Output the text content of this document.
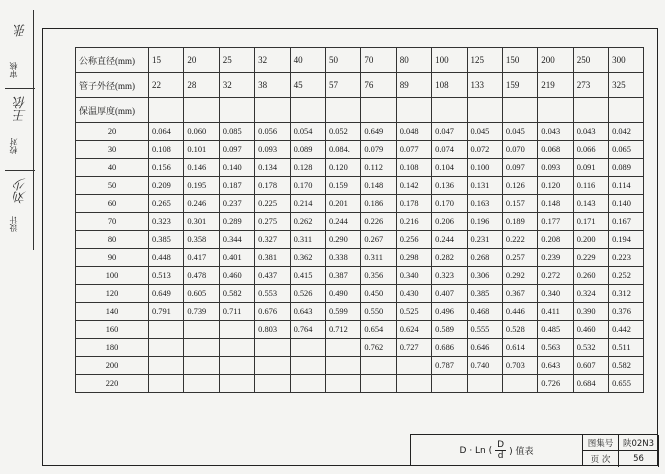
设计
刘少
校对
王依
审核
张
公称直径(mm)	15	20	25	32	40	50	70	80	100	125	150	200	250	300
管子外径(mm)	22	28	32	38	45	57	76	89	108	133	159	219	273	325
保温厚度(mm)														
20	0.064	0.060	0.085	0.056	0.054	0.052	0.649	0.048	0.047	0.045	0.045	0.043	0.043	0.042
30	0.108	0.101	0.097	0.093	0.089	0.084.	0.079	0.077	0.074	0.072	0.070	0.068	0.066	0.065
40	0.156	0.146	0.140	0.134	0.128	0.120	0.112	0.108	0.104	0.100	0.097	0.093	0.091	0.089
50	0.209	0.195	0.187	0.178	0.170	0.159	0.148	0.142	0.136	0.131	0.126	0.120	0.116	0.114
60	0.265	0.246	0.237	0.225	0.214	0.201	0.186	0.178	0.170	0.163	0.157	0.148	0.143	0.140
70	0.323	0.301	0.289	0.275	0.262	0.244	0.226	0.216	0.206	0.196	0.189	0.177	0.171	0.167
80	0.385	0.358	0.344	0.327	0.311	0.290	0.267	0.256	0.244	0.231	0.222	0.208	0.200	0.194
90	0.448	0.417	0.401	0.381	0.362	0.338	0.311	0.298	0.282	0.268	0.257	0.239	0.229	0.223
100	0.513	0.478	0.460	0.437	0.415	0.387	0.356	0.340	0.323	0.306	0.292	0.272	0.260	0.252
120	0.649	0.605	0.582	0.553	0.526	0.490	0.450	0.430	0.407	0.385	0.367	0.340	0.324	0.312
140	0.791	0.739	0.711	0.676	0.643	0.599	0.550	0.525	0.496	0.468	0.446	0.411	0.390	0.376
160				0.803	0.764	0.712	0.654	0.624	0.589	0.555	0.528	0.485	0.460	0.442
180							0.762	0.727	0.686	0.646	0.614	0.563	0.532	0.511
200									0.787	0.740	0.703	0.643	0.607	0.582
220												0.726	0.684	0.655
D · Ln ( $\frac{D}{d}$ ) 值表
图集号	陕02N3
页 次	56
